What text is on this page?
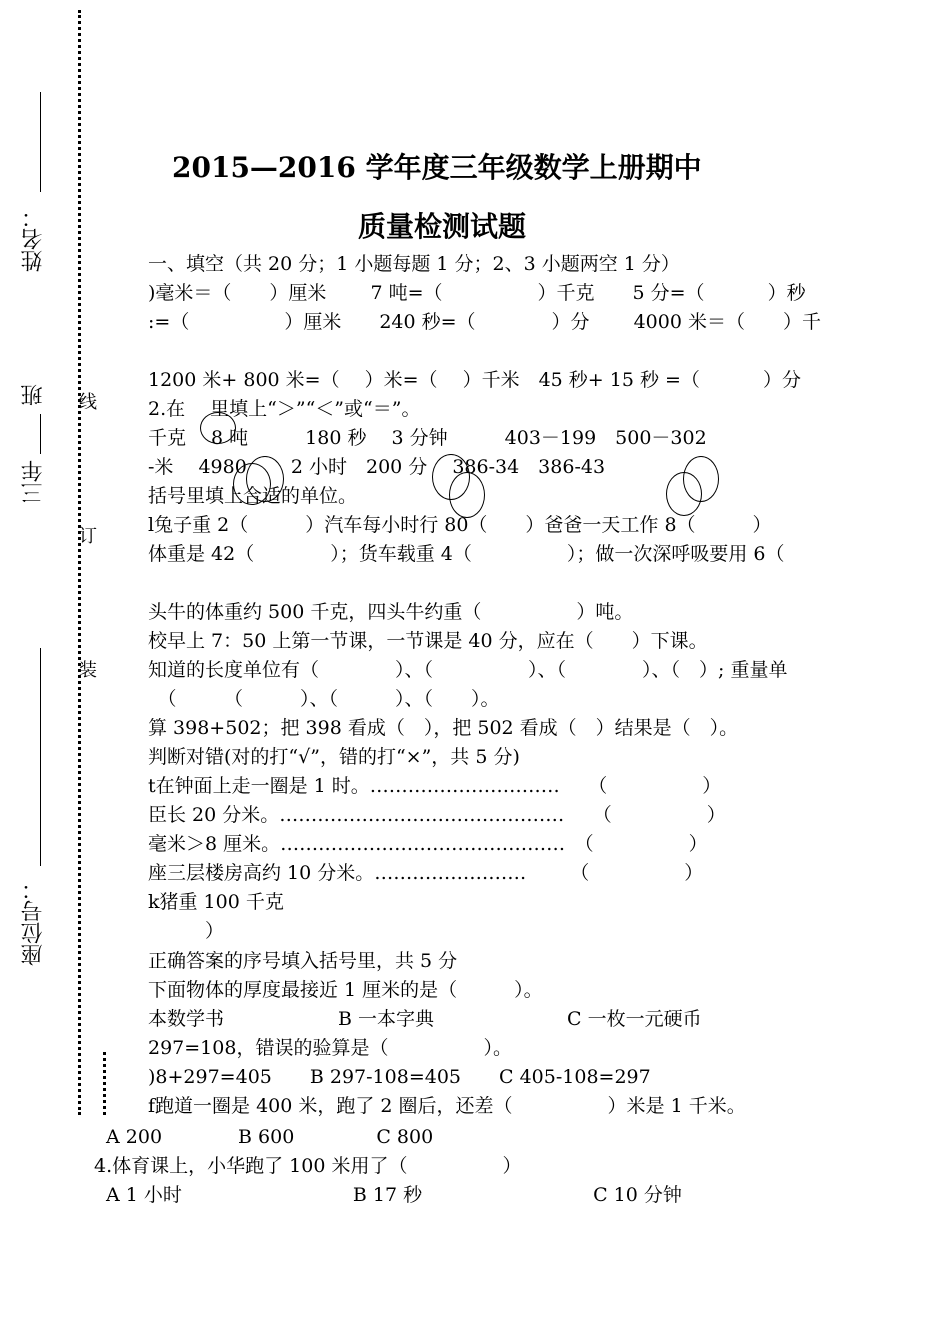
姓名：
班
三年
座位号：
线
订
装
2015—2016 学年度三年级数学上册期中
质量检测试题
一、填空（共 20 分；1 小题每题 1 分；2、3 小题两空 1 分）
)毫米＝（　　）厘米　　 7 吨=（　　　　　）千克　　5 分=（　　　 ）秒
:=（　　　　　）厘米　　240 秒=（　　　　）分　　 4000 米＝（　　）千
1200 米+ 800 米=（　 ）米=（　 ）千米　45 秒+ 15 秒 =（　　　 ）分
2.在　 里填上“＞”“＜”或“＝”。
千克　 8 吨　　　180 秒　 3 分钟　　　403－199　500－302
-米　 4980　　 2 小时　200 分　 386-34　386-43
括号里填上合适的单位。
l兔子重 2（　　　）汽车每小时行 80（　　）爸爸一天工作 8（　　　）
体重是 42（　　　　）；货车载重 4（　　　　　）；做一次深呼吸要用 6（
头牛的体重约 500 千克，四头牛约重（　　　　　）吨。
校早上 7：50 上第一节课，一节课是 40 分，应在（　　）下课。
知道的长度单位有（　　　　）、（　　　　　）、（　　　　）、（　）; 重量单
　（　　　（　　　）、（　　　）、（　　）。
算 398+502；把 398 看成（　），把 502 看成（　）结果是（　）。
判断对错(对的打“√”，错的打“×”，共 5 分)
t在钟面上走一圈是 1 时。…………………………　　（　　　　　）
臣长 20 分米。………………………………………　　（　　　　　）
毫米＞8 厘米。………………………………………　（　　　　　）
座三层楼房高约 10 分米。……………………　　 （　　　　　）
k猪重 100 千克
　　　）
正确答案的序号填入括号里，共 5 分
下面物体的厚度最接近 1 厘米的是（　　　）。
本数学书　　　　　　B 一本字典　　　　　　　C 一枚一元硬币
297=108，错误的验算是（　　　　　）。
)8+297=405　　B 297-108=405　　C 405-108=297
f跑道一圈是 400 米，跑了 2 圈后，还差（　　　　　）米是 1 千米。
A 200　　　　B 600　　　　 C 800
4.体育课上，小华跑了 100 米用了（　　　　　）
A 1 小时　　　　　　　　　B 17 秒　　　　　　　　　C 10 分钟
